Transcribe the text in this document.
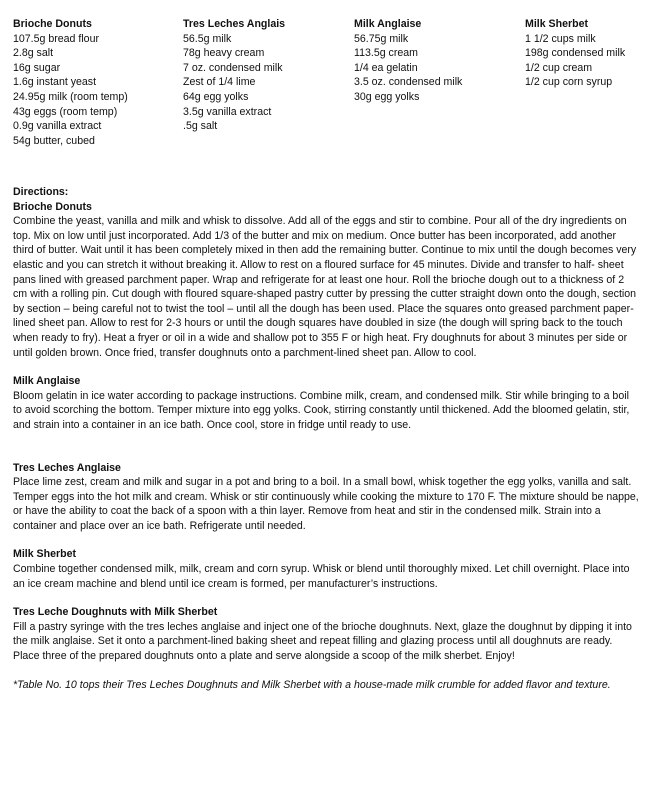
Brioche Donuts
107.5g bread flour
2.8g salt
16g sugar
1.6g instant yeast
24.95g milk (room temp)
43g eggs (room temp)
0.9g vanilla extract
54g butter, cubed
Tres Leches Anglais
56.5g milk
78g heavy cream
7 oz. condensed milk
Zest of 1/4 lime
64g egg yolks
3.5g vanilla extract
.5g salt
Milk Anglaise
56.75g milk
113.5g cream
1/4 ea gelatin
3.5 oz. condensed milk
30g egg yolks
Milk Sherbet
1 1/2 cups milk
198g condensed milk
1/2 cup cream
1/2 cup corn syrup
Directions:
Brioche Donuts

Combine the yeast, vanilla and milk and whisk to dissolve. Add all of the eggs and stir to combine. Pour all of the dry ingredients on top. Mix on low until just incorporated. Add 1/3 of the butter and mix on medium. Once butter has been incorporated, add another third of butter. Wait until it has been completely mixed in then add the remaining butter. Continue to mix until the dough becomes very elastic and you can stretch it without breaking it. Allow to rest on a floured surface for 45 minutes. Divide and transfer to half- sheet pans lined with greased parchment paper. Wrap and refrigerate for at least one hour. Roll the brioche dough out to a thickness of 2 cm with a rolling pin. Cut dough with floured square-shaped pastry cutter by pressing the cutter straight down onto the dough, section by section – being careful not to twist the tool – until all the dough has been used. Place the squares onto greased parchment paper-lined sheet pan. Allow to rest for 2-3 hours or until the dough squares have doubled in size (the dough will spring back to the touch when ready to fry). Heat a fryer or oil in a wide and shallow pot to 355 F or high heat. Fry doughnuts for about 3 minutes per side or until golden brown. Once fried, transfer doughnuts onto a parchment-lined sheet pan. Allow to cool.

Milk Anglaise

Bloom gelatin in ice water according to package instructions. Combine milk, cream, and condensed milk. Stir while bringing to a boil to avoid scorching the bottom. Temper mixture into egg yolks. Cook, stirring constantly until thickened. Add the bloomed gelatin, stir, and strain into a container in an ice bath. Once cool, store in fridge until ready to use.

Tres Leches Anglaise

Place lime zest, cream and milk and sugar in a pot and bring to a boil. In a small bowl, whisk together the egg yolks, vanilla and salt. Temper eggs into the hot milk and cream. Whisk or stir continuously while cooking the mixture to 170 F. The mixture should be nappe, or have the ability to coat the back of a spoon with a thin layer. Remove from heat and stir in the condensed milk. Strain into a container and place over an ice bath. Refrigerate until needed.

Milk Sherbet

Combine together condensed milk, milk, cream and corn syrup. Whisk or blend until thoroughly mixed. Let chill overnight. Place into an ice cream machine and blend until ice cream is formed, per manufacturer’s instructions.

Tres Leche Doughnuts with Milk Sherbet

Fill a pastry syringe with the tres leches anglaise and inject one of the brioche doughnuts. Next, glaze the doughnut by dipping it into the milk anglaise. Set it onto a parchment-lined baking sheet and repeat filling and glazing process until all doughnuts are ready. Place three of the prepared doughnuts onto a plate and serve alongside a scoop of the milk sherbet. Enjoy!

*Table No. 10 tops their Tres Leches Doughnuts and Milk Sherbet with a house-made milk crumble for added flavor and texture.
